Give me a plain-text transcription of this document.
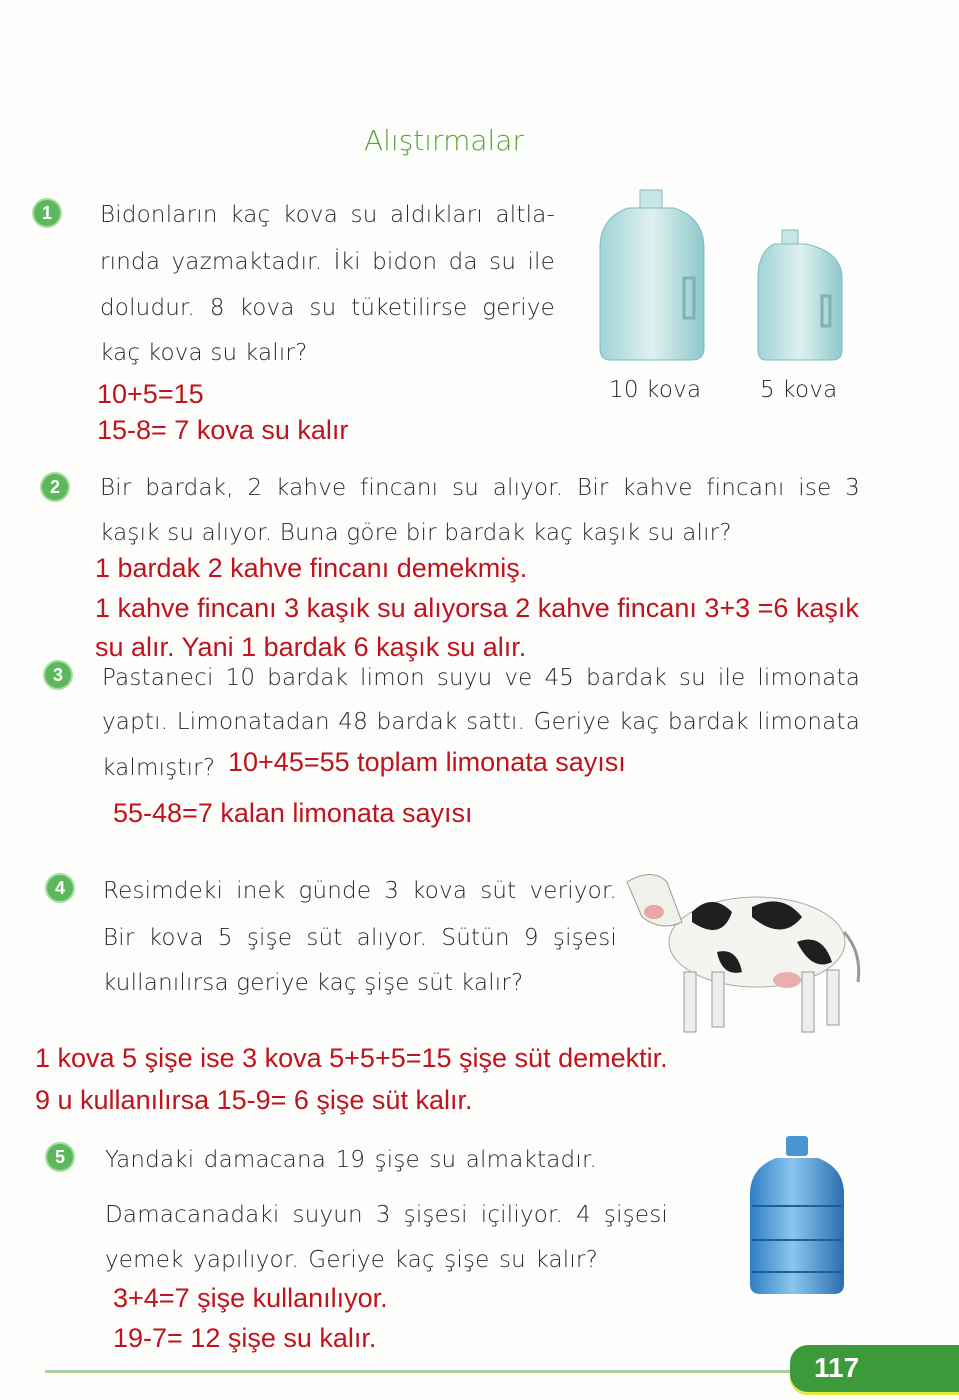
Alıştırmalar
1	Bidonların kaç kova su aldıkları altla-
rında yazmaktadır. İki bidon da su ile
doludur. 8 kova su tüketilirse geriye
kaç kova su kalır?
10+5=15
15-8= 7 kova su kalır
10 kova	5 kova
2	Bir bardak, 2 kahve fincanı su alıyor. Bir kahve fincanı ise 3
kaşık su alıyor. Buna göre bir bardak kaç kaşık su alır?
1 bardak 2 kahve fincanı demekmiş.
1 kahve fincanı 3 kaşık su alıyorsa 2 kahve fincanı 3+3 =6 kaşık
su alır. Yani 1 bardak 6 kaşık su alır.
3	Pastaneci 10 bardak limon suyu ve 45 bardak su ile limonata
yaptı. Limonatadan 48 bardak sattı. Geriye kaç bardak limonata
kalmıştır? 10+45=55 toplam limonata sayısı
55-48=7 kalan limonata sayısı
4	Resimdeki inek günde 3 kova süt veriyor.
Bir kova 5 şişe süt alıyor. Sütün 9 şişesi
kullanılırsa geriye kaç şişe süt kalır?
1 kova 5 şişe ise 3 kova 5+5+5=15 şişe süt demektir.
9 u kullanılırsa 15-9= 6 şişe süt kalır.
5	Yandaki damacana 19 şişe su almaktadır.
Damacanadaki suyun 3 şişesi içiliyor. 4 şişesi
yemek yapılıyor. Geriye kaç şişe su kalır?
3+4=7 şişe kullanılıyor.
19-7= 12 şişe su kalır.
117
